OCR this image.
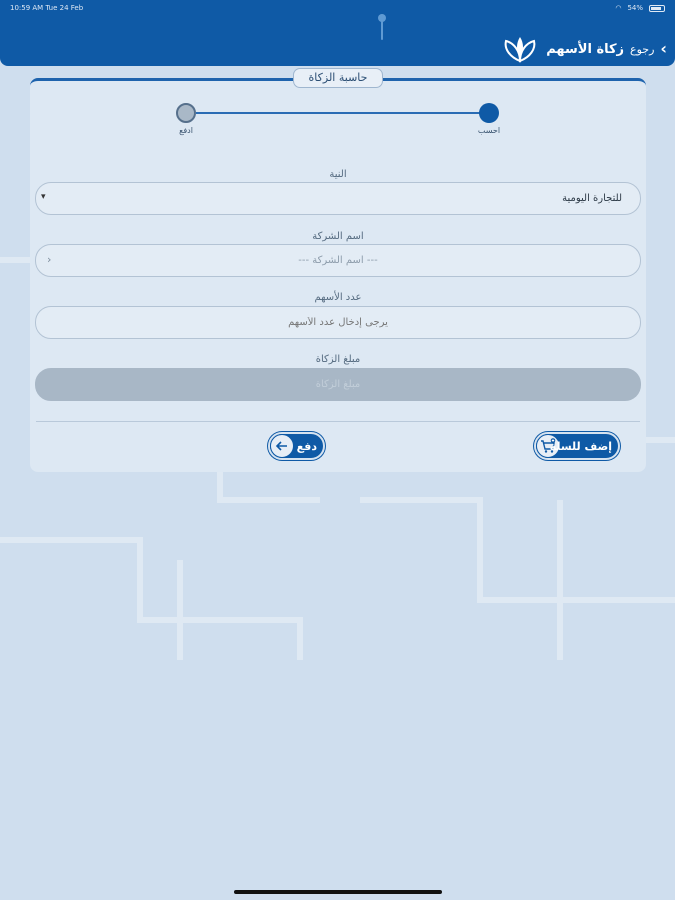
10:59 AM Tue 24 Feb	◠ 54%
‹
رجوع
زكاة الأسهم
حاسبة الزكاة
احسب
ادفع
النية
للتجارة اليومية
▾
اسم الشركة
--- اسم الشركة ---
›
عدد الأسهم
يرجى إدخال عدد الأسهم
مبلغ الزكاة
مبلغ الزكاة
إضف للسلة
دفع
